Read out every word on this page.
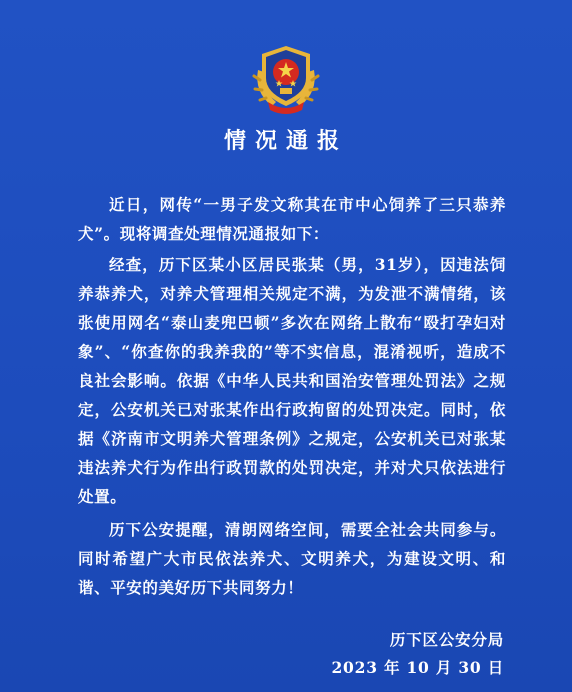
情况通报

近日，网传“一男子发文称其在市中心饲养了三只恭养犬”。现将调查处理情况通报如下：

经查，历下区某小区居民张某（男，31岁），因违法饲养恭养犬，对养犬管理相关规定不满，为发泄不满情绪，该张使用网名“泰山麦兜巴顿”多次在网络上散布“殴打孕妇对象”、“你查你的我养我的”等不实信息，混淆视听，造成不良社会影响。依据《中华人民共和国治安管理处罚法》之规定，公安机关已对张某作出行政拘留的处罚决定。同时，依据《济南市文明养犬管理条例》之规定，公安机关已对张某违法养犬行为作出行政罚款的处罚决定，并对犬只依法进行处置。

历下公安提醒，清朗网络空间，需要全社会共同参与。同时希望广大市民依法养犬、文明养犬，为建设文明、和谐、平安的美好历下共同努力！

历下区公安分局
2023 年 10 月 30 日
